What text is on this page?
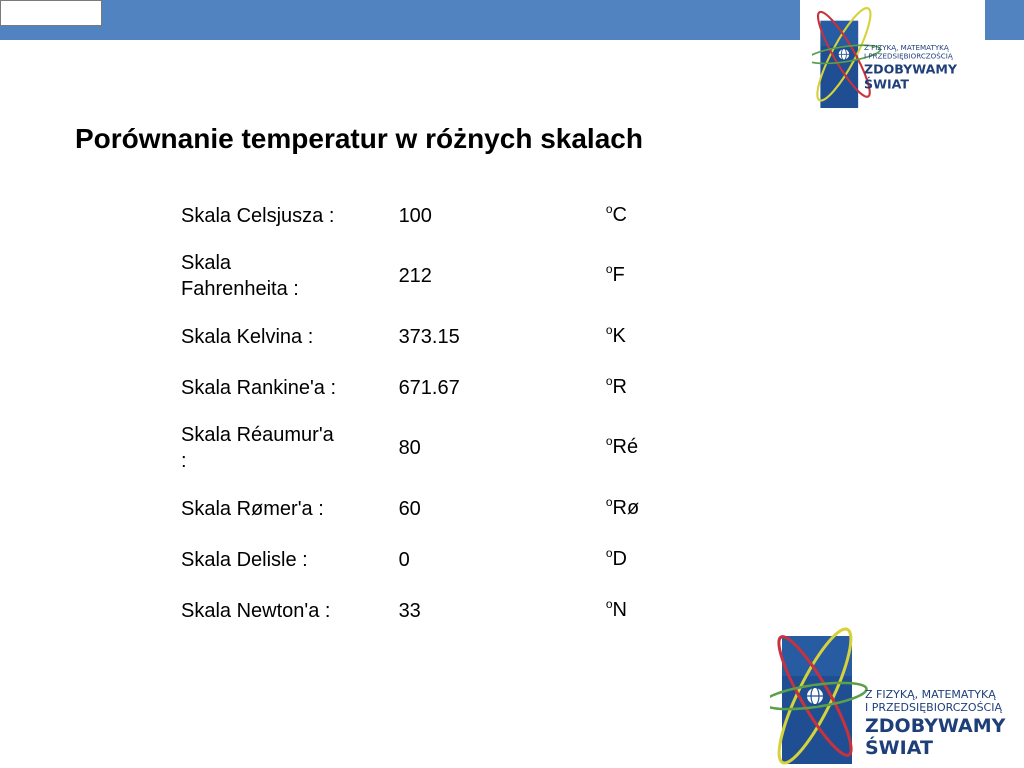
Z FIZYKĄ, MATEMATYKĄ
I PRZEDSIĘBIORCZOŚCIĄ
ZDOBYWAMY
ŚWIAT
Porównanie temperatur w różnych skalach
Skala Celsjusza :	100	$^o$C
Skala
Fahrenheita :	212	$^o$F
Skala Kelvina :	373.15	$^o$K
Skala Rankine'a :	671.67	$^o$R
Skala Réaumur'a
:	80	$^o$Ré
Skala Rømer'a :	60	$^o$Rø
Skala Delisle :	0	$^o$D
Skala Newton'a :	33	$^o$N
Z FIZYKĄ, MATEMATYKĄ
I PRZEDSIĘBIORCZOŚCIĄ
ZDOBYWAMY
ŚWIAT
